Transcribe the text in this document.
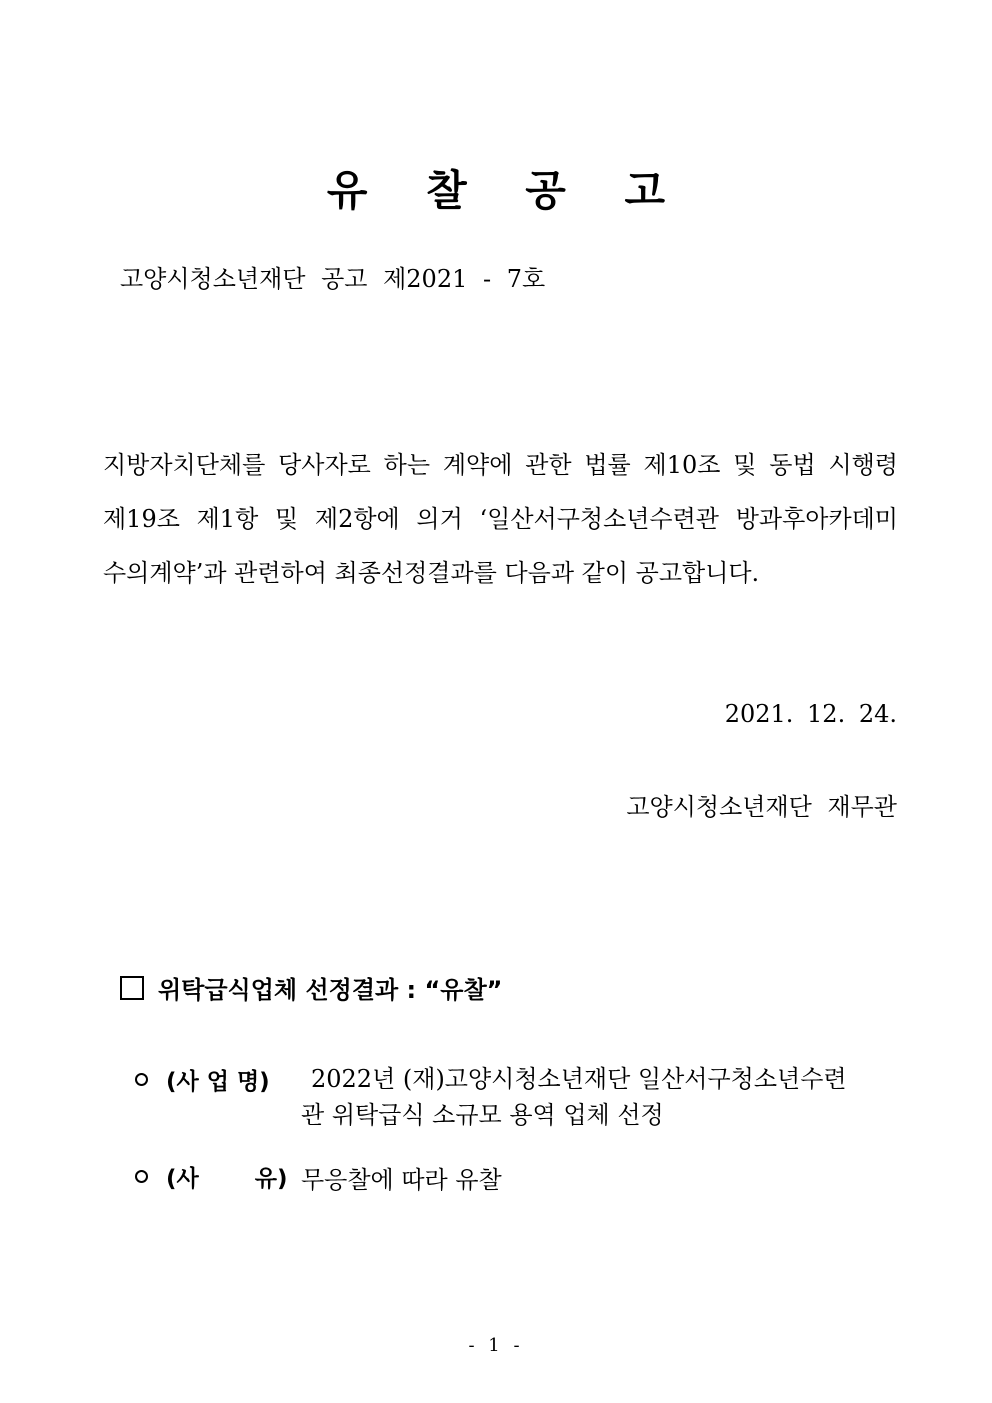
유 찰 공 고
고양시청소년재단 공고 제2021 - 7호
지방자치단체를 당사자로 하는 계약에 관한 법률 제10조 및 동법 시행령 제19조 제1항 및 제2항에 의거 ‘일산서구청소년수련관 방과후아카데미 수의계약’과 관련하여 최종선정결과를 다음과 같이 공고합니다.
2021. 12. 24.
고양시청소년재단 재무관
위탁급식업체 선정결과 : “유찰”
(사 업 명)	2022년 (재)고양시청소년재단 일산서구청소년수련
관 위탁급식 소규모 용역 업체 선정
(사       유) 무응찰에 따라 유찰
- 1 -
